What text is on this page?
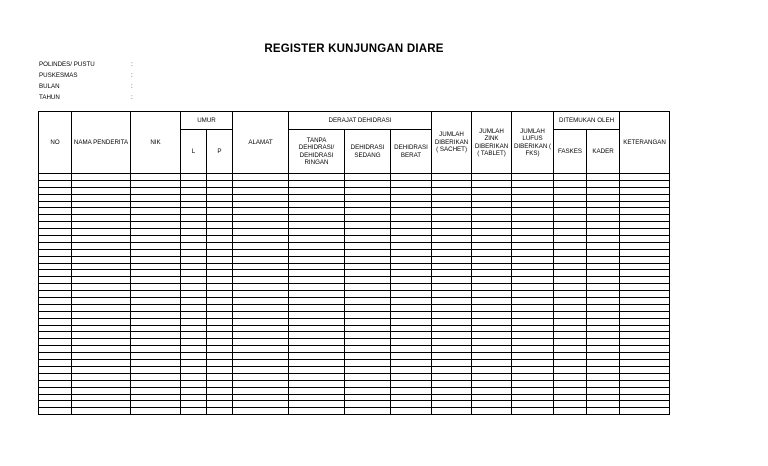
REGISTER KUNJUNGAN DIARE
POLINDES/ PUSTU	:
PUSKESMAS	:
BULAN	:
TAHUN	:
NO	NAMA PENDERITA	NIK	UMUR		ALAMAT	DERAJAT DEHIDRASI			JUMLAH DIBERIKAN ( SACHET)	JUMLAH ZINK DIBERIKAN ( TABLET)	JUMLAH LUFUS DIBERIKAN ( FKS)	DITEMUKAN OLEH		KETERANGAN
			L	P		TANPA DEHIDRASI/ DEHIDRASI RINGAN	DEHIDRASI SEDANG	DEHIDRASI BERAT				FASKES	KADER	
